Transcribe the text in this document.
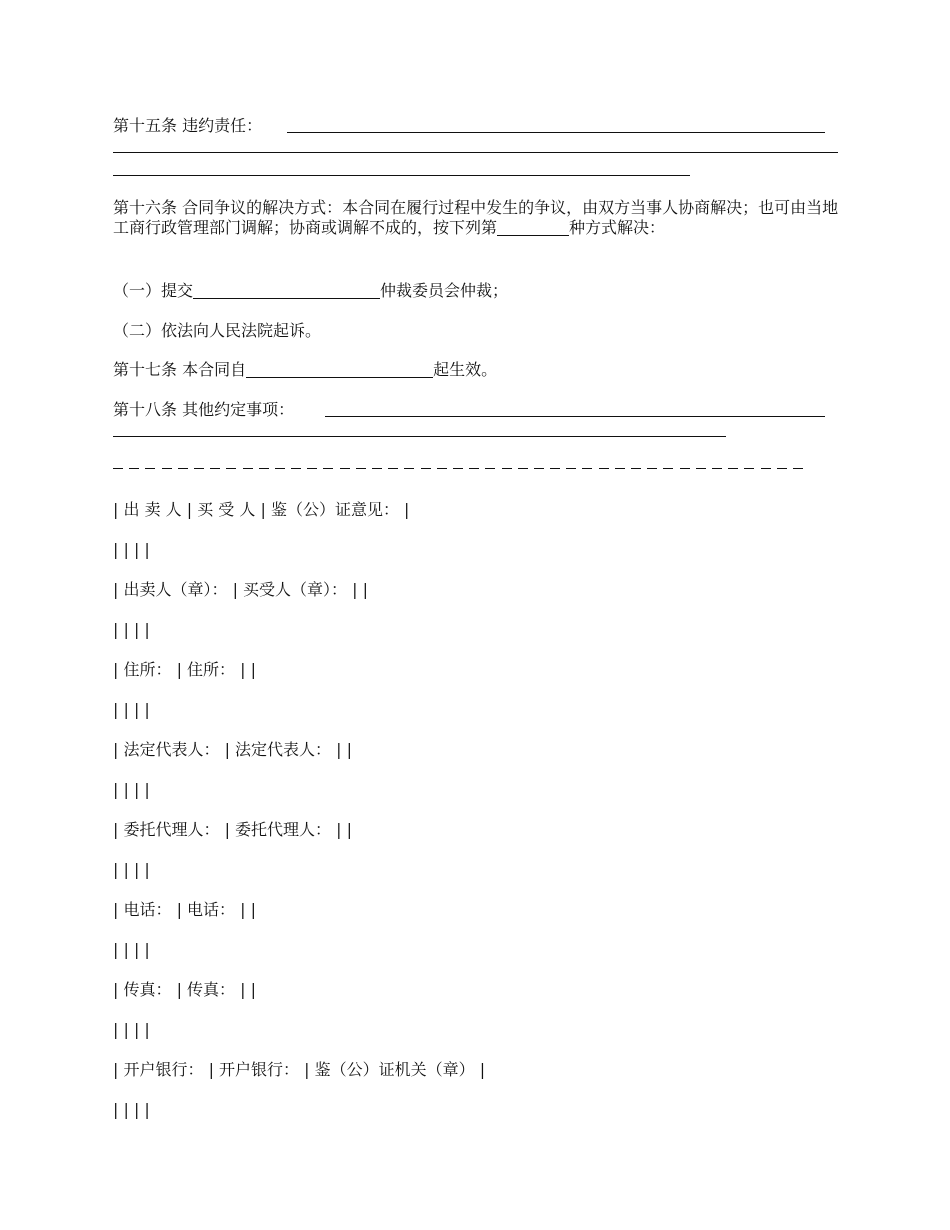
第十五条 违约责任：
第十六条 合同争议的解决方式：本合同在履行过程中发生的争议，由双方当事人协商解决；也可由当地工商行政管理部门调解；协商或调解不成的，按下列第	种方式解决：
（一）提交	仲裁委员会仲裁；
（二）依法向人民法院起诉。
第十七条 本合同自	起生效。
第十八条 其他约定事项：
| 出 卖 人 | 买 受 人 | 鉴（公）证意见： |
| | | |
| 出卖人（章）： | 买受人（章）： | |
| | | |
| 住所： | 住所： | |
| | | |
| 法定代表人： | 法定代表人： | |
| | | |
| 委托代理人： | 委托代理人： | |
| | | |
| 电话： | 电话： | |
| | | |
| 传真： | 传真： | |
| | | |
| 开户银行： | 开户银行： | 鉴（公）证机关（章） |
| | | |
